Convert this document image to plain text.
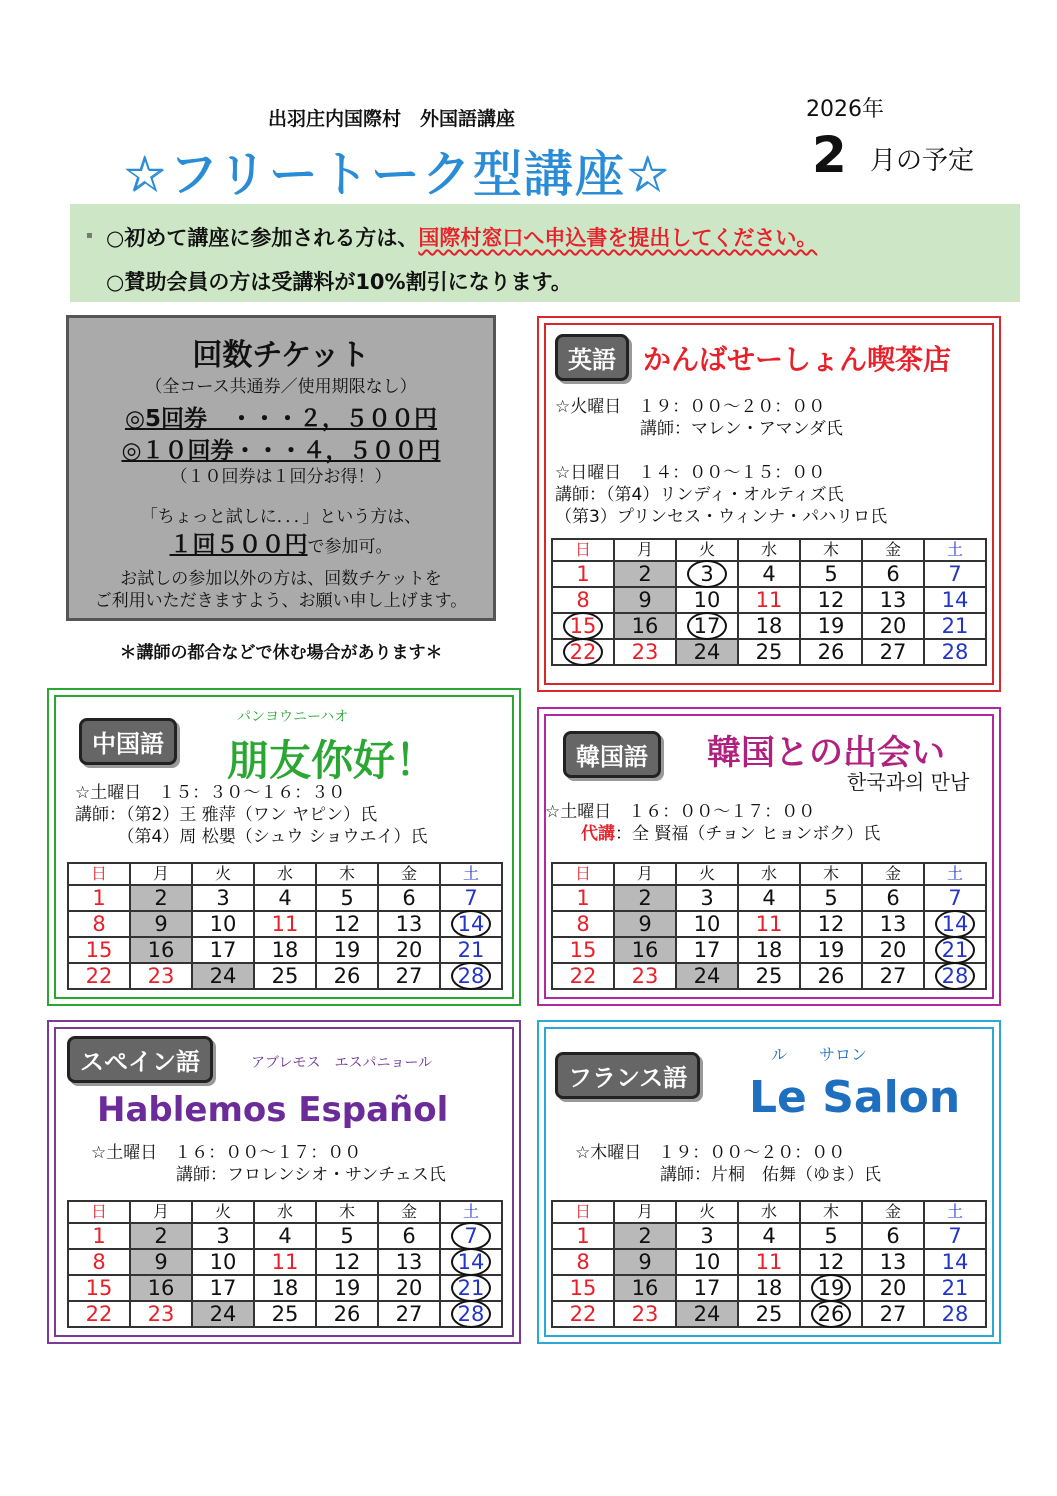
出羽庄内国際村　外国語講座
☆フリートーク型講座☆
2026年
2 月の予定
▪ ○初めて講座に参加される方は、国際村窓口へ申込書を提出してください。
○賛助会員の方は受講料が10%割引になります。
回数チケット
（全コース共通券／使用期限なし）
◎5回券　・・・２，５００円
◎１０回券・・・４，５００円
（１０回券は１回分お得！）
「ちょっと試しに．．．」という方は、
１回５００円で参加可。
お試しの参加以外の方は、回数チケットを
ご利用いただきますよう、お願い申し上げます。
＊講師の都合などで休む場合があります＊
英語 かんばせーしょん喫茶店
☆火曜日　１９：００～２０：００
　　　　　講師：マレン・アマンダ氏

☆日曜日　１４：００～１５：００
講師：（第4）リンディ・オルティズ氏
（第3）プリンセス・ウィンナ・パハリロ氏
日	月	火	水	木	金	土
1	2	3	4	5	6	7
8	9	10	11	12	13	14
15	16	17	18	19	20	21
22	23	24	25	26	27	28
中国語
パンヨウニーハオ
朋友你好！
☆土曜日　１５：３０～１６：３０
講師：（第2）王 雅萍（ワン ヤピン）氏
　　　（第4）周 松嬰（シュウ ショウエイ）氏
日	月	火	水	木	金	土
1	2	3	4	5	6	7
8	9	10	11	12	13	14

15	16	17	18	19	20	21
22	23	24	25	26	27	28
韓国語	韓国との出会い
한국과의 만남
☆土曜日　１６：００～１７：００
代講：全 賢福（チョン ヒョンボク）氏
日	月	火	水	木	金	土
1	2	3	4	5	6	7
8	9	10	11	12	13	14

15	16	17	18	19	20	21

22	23	24	25	26	27	28
スペイン語	アブレモス　エスパニョール
Hablemos Español
☆土曜日　１６：００～１７：００
　　　　　講師：フロレンシオ・サンチェス氏
日	月	火	水	木	金	土
1	2	3	4	5	6	7

8	9	10	11	12	13	14

15	16	17	18	19	20	21

22	23	24	25	26	27	28
フランス語
ル　　サロン
Le Salon
☆木曜日　１９：００～２０：００
　　　　　講師：片桐　佑舞（ゆま）氏
日	月	火	水	木	金	土
1	2	3	4	5	6	7
8	9	10	11	12	13	14
15	16	17	18	19	20	21
22	23	24	25	26	27	28
